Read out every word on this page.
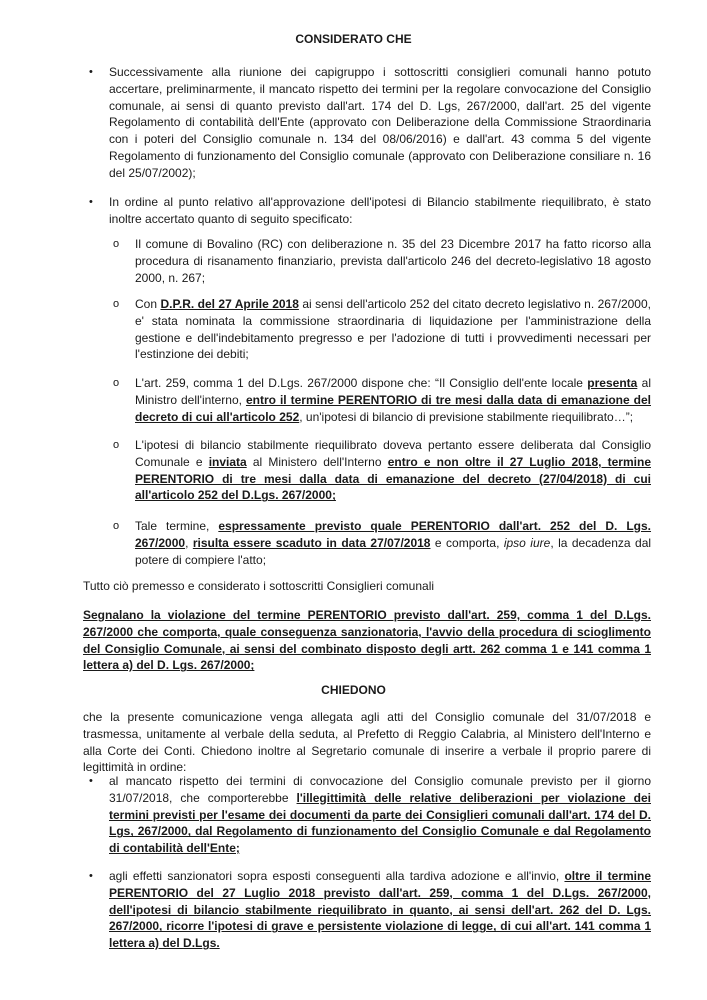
CONSIDERATO CHE
• Successivamente alla riunione dei capigruppo i sottoscritti consiglieri comunali hanno potuto accertare, preliminarmente, il mancato rispetto dei termini per la regolare convocazione del Consiglio comunale, ai sensi di quanto previsto dall'art. 174 del D. Lgs, 267/2000, dall'art. 25 del vigente Regolamento di contabilità dell'Ente (approvato con Deliberazione della Commissione Straordinaria con i poteri del Consiglio comunale n. 134 del 08/06/2016) e dall'art. 43 comma 5 del vigente Regolamento di funzionamento del Consiglio comunale (approvato con Deliberazione consiliare n. 16 del 25/07/2002);

• In ordine al punto relativo all'approvazione dell'ipotesi di Bilancio stabilmente riequilibrato, è stato inoltre accertato quanto di seguito specificato:

o Il comune di Bovalino (RC) con deliberazione n. 35 del 23 Dicembre 2017 ha fatto ricorso alla procedura di risanamento finanziario, prevista dall'articolo 246 del decreto-legislativo 18 agosto 2000, n. 267;

o Con D.P.R. del 27 Aprile 2018 ai sensi dell'articolo 252 del citato decreto legislativo n. 267/2000, e' stata nominata la commissione straordinaria di liquidazione per l'amministrazione della gestione e dell'indebitamento pregresso e per l'adozione di tutti i provvedimenti necessari per l'estinzione dei debiti;

o L'art. 259, comma 1 del D.Lgs. 267/2000 dispone che: “Il Consiglio dell'ente locale presenta al Ministro dell'interno, entro il termine PERENTORIO di tre mesi dalla data di emanazione del decreto di cui all'articolo 252, un'ipotesi di bilancio di previsione stabilmente riequilibrato…”;

o L'ipotesi di bilancio stabilmente riequilibrato doveva pertanto essere deliberata dal Consiglio Comunale e inviata al Ministero dell'Interno entro e non oltre il 27 Luglio 2018, termine PERENTORIO di tre mesi dalla data di emanazione del decreto (27/04/2018) di cui all'articolo 252 del D.Lgs. 267/2000;

o Tale termine, espressamente previsto quale PERENTORIO dall'art. 252 del D. Lgs. 267/2000, risulta essere scaduto in data 27/07/2018 e comporta, ipso iure, la decadenza dal potere di compiere l'atto;

Tutto ciò premesso e considerato i sottoscritti Consiglieri comunali

Segnalano la violazione del termine PERENTORIO previsto dall'art. 259, comma 1 del D.Lgs. 267/2000 che comporta, quale conseguenza sanzionatoria, l'avvio della procedura di scioglimento del Consiglio Comunale, ai sensi del combinato disposto degli artt. 262 comma 1 e 141 comma 1 lettera a) del D. Lgs. 267/2000;

CHIEDONO

che la presente comunicazione venga allegata agli atti del Consiglio comunale del 31/07/2018 e trasmessa, unitamente al verbale della seduta, al Prefetto di Reggio Calabria, al Ministero dell'Interno e alla Corte dei Conti. Chiedono inoltre al Segretario comunale di inserire a verbale il proprio parere di legittimità in ordine:

• al mancato rispetto dei termini di convocazione del Consiglio comunale previsto per il giorno 31/07/2018, che comporterebbe l'illegittimità delle relative deliberazioni per violazione dei termini previsti per l'esame dei documenti da parte dei Consiglieri comunali dall'art. 174 del D. Lgs, 267/2000, dal Regolamento di funzionamento del Consiglio Comunale e dal Regolamento di contabilità dell'Ente;

• agli effetti sanzionatori sopra esposti conseguenti alla tardiva adozione e all'invio, oltre il termine PERENTORIO del 27 Luglio 2018 previsto dall'art. 259, comma 1 del D.Lgs. 267/2000, dell'ipotesi di bilancio stabilmente riequilibrato in quanto, ai sensi dell'art. 262 del D. Lgs. 267/2000, ricorre l'ipotesi di grave e persistente violazione di legge, di cui all'art. 141 comma 1 lettera a) del D.Lgs.
